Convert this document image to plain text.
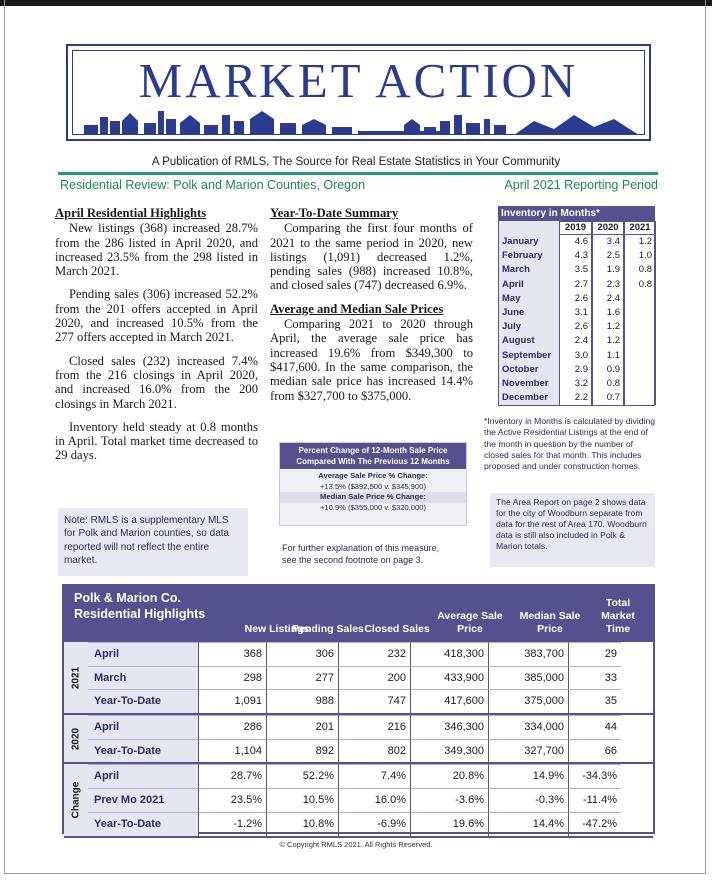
MARKET ACTION
A Publication of RMLS, The Source for Real Estate Statistics in Your Community
Residential Review: Polk and Marion Counties, Oregon	April 2021 Reporting Period
April Residential Highlights

New listings (368) increased 28.7% from the 286 listed in April 2020, and increased 23.5% from the 298 listed in March 2021.

Pending sales (306) increased 52.2% from the 201 offers accepted in April 2020, and increased 10.5% from the 277 offers accepted in March 2021.

Closed sales (232) increased 7.4% from the 216 closings in April 2020, and increased 16.0% from the 200 closings in March 2021.

Inventory held steady at 0.8 months in April. Total market time decreased to 29 days.

Year-To-Date Summary

Comparing the first four months of 2021 to the same period in 2020, new listings (1,091) decreased 1.2%, pending sales (988) increased 10.8%, and closed sales (747) decreased 6.9%.

Average and Median Sale Prices

Comparing 2021 to 2020 through April, the average sale price has increased 19.6% from $349,300 to $417,600. In the same comparison, the median sale price has increased 14.4% from $327,700 to $375,000.

Percent Change of 12-Month Sale Price
Compared With The Previous 12 Months
Average Sale Price % Change:
+13.5% ($392,500 v. $345,900)
Median Sale Price % Change:
+10.9% ($355,000 v. $320,000)
For further explanation of this measure, see the second footnote on page 3.
Note: RMLS is a supplementary MLS for Polk and Marion counties, so data reported will not reflect the entire market.
Inventory in Months*
2019	2020	2021
January	4.6	3.4	1.2
February	4.3	2.5	1.0
March	3.5	1.9	0.8
April	2.7	2.3	0.8
May	2.6	2.4
June	3.1	1.6
July	2.6	1.2
August	2.4	1.2
September	3.0	1.1
October	2.9	0.9
November	3.2	0.8
December	2.2	0.7
*Inventory in Months is calculated by dividing the Active Residential Listings at the end of the month in question by the number of closed sales for that month. This includes proposed and under construction homes.
The Area Report on page 2 shows data for the city of Woodburn separate from data for the rest of Area 170. Woodburn data is still also included in Polk & Marion totals.
Polk & Marion Co. Residential Highlights
New Listings
Pending Sales Closed Sales
Average Sale Price
Median Sale Price
Total Market Time
2021
April	368	306	232	418,300	383,700	29
March	298	277	200	433,900	385,000	33
Year-To-Date	1,091	988	747	417,600	375,000	35
2020
April	286	201	216	346,300	334,000	44
Year-To-Date	1,104	892	802	349,300	327,700	66
Change
April	28.7%	52.2%	7.4%	20.8%	14.9%	-34.3%
Prev Mo 2021	23.5%	10.5%	16.0%	-3.6%	-0.3%	-11.4%
Year-To-Date	-1.2%	10.8%	-6.9%	19.6%	14.4%	-47.2%
© Copyright RMLS 2021. All Rights Reserved.
